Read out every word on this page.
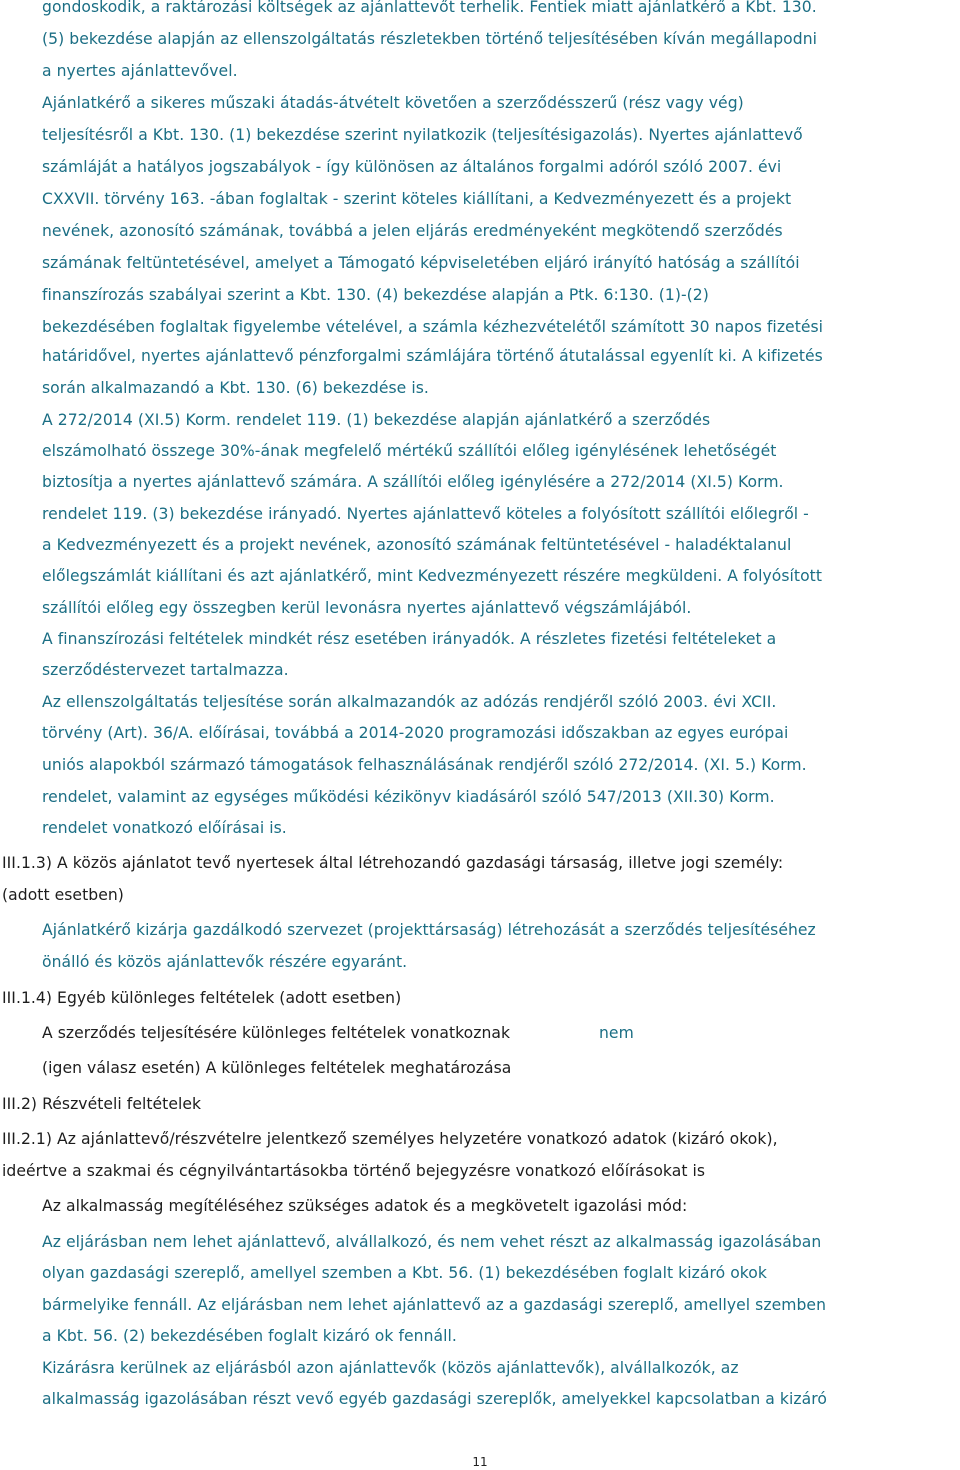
gondoskodik, a raktározási költségek az ajánlattevőt terhelik. Fentiek miatt ajánlatkérő a Kbt. 130.
(5) bekezdése alapján az ellenszolgáltatás részletekben történő teljesítésében kíván megállapodni
a nyertes ajánlattevővel.
Ajánlatkérő a sikeres műszaki átadás-átvételt követően a szerződésszerű (rész vagy vég)
teljesítésről a Kbt. 130. (1) bekezdése szerint nyilatkozik (teljesítésigazolás). Nyertes ajánlattevő
számláját a hatályos jogszabályok - így különösen az általános forgalmi adóról szóló 2007. évi
CXXVII. törvény 163. -ában foglaltak - szerint köteles kiállítani, a Kedvezményezett és a projekt
nevének, azonosító számának, továbbá a jelen eljárás eredményeként megkötendő szerződés
számának feltüntetésével, amelyet a Támogató képviseletében eljáró irányító hatóság a szállítói
finanszírozás szabályai szerint a Kbt. 130. (4) bekezdése alapján a Ptk. 6:130. (1)-(2)
bekezdésében foglaltak figyelembe vételével, a számla kézhezvételétől számított 30 napos fizetési
határidővel, nyertes ajánlattevő pénzforgalmi számlájára történő átutalással egyenlít ki. A kifizetés
során alkalmazandó a Kbt. 130. (6) bekezdése is.
A 272/2014 (XI.5) Korm. rendelet 119. (1) bekezdése alapján ajánlatkérő a szerződés
elszámolható összege 30%-ának megfelelő mértékű szállítói előleg igénylésének lehetőségét
biztosítja a nyertes ajánlattevő számára. A szállítói előleg igénylésére a 272/2014 (XI.5) Korm.
rendelet 119. (3) bekezdése irányadó. Nyertes ajánlattevő köteles a folyósított szállítói előlegről -
a Kedvezményezett és a projekt nevének, azonosító számának feltüntetésével - haladéktalanul
előlegszámlát kiállítani és azt ajánlatkérő, mint Kedvezményezett részére megküldeni. A folyósított
szállítói előleg egy összegben kerül levonásra nyertes ajánlattevő végszámlájából.
A finanszírozási feltételek mindkét rész esetében irányadók. A részletes fizetési feltételeket a
szerződéstervezet tartalmazza.
Az ellenszolgáltatás teljesítése során alkalmazandók az adózás rendjéről szóló 2003. évi XCII.
törvény (Art). 36/A. előírásai, továbbá a 2014-2020 programozási időszakban az egyes európai
uniós alapokból származó támogatások felhasználásának rendjéről szóló 272/2014. (XI. 5.) Korm.
rendelet, valamint az egységes működési kézikönyv kiadásáról szóló 547/2013 (XII.30) Korm.
rendelet vonatkozó előírásai is.
III.1.3) A közös ajánlatot tevő nyertesek által létrehozandó gazdasági társaság, illetve jogi személy:
(adott esetben)
Ajánlatkérő kizárja gazdálkodó szervezet (projekttársaság) létrehozását a szerződés teljesítéséhez
önálló és közös ajánlattevők részére egyaránt.
III.1.4) Egyéb különleges feltételek (adott esetben)
A szerződés teljesítésére különleges feltételek vonatkoznak	nem
(igen válasz esetén) A különleges feltételek meghatározása
III.2) Részvételi feltételek
III.2.1) Az ajánlattevő/részvételre jelentkező személyes helyzetére vonatkozó adatok (kizáró okok),
ideértve a szakmai és cégnyilvántartásokba történő bejegyzésre vonatkozó előírásokat is
Az alkalmasság megítéléséhez szükséges adatok és a megkövetelt igazolási mód:
Az eljárásban nem lehet ajánlattevő, alvállalkozó, és nem vehet részt az alkalmasság igazolásában
olyan gazdasági szereplő, amellyel szemben a Kbt. 56. (1) bekezdésében foglalt kizáró okok
bármelyike fennáll. Az eljárásban nem lehet ajánlattevő az a gazdasági szereplő, amellyel szemben
a Kbt. 56. (2) bekezdésében foglalt kizáró ok fennáll.
Kizárásra kerülnek az eljárásból azon ajánlattevők (közös ajánlattevők), alvállalkozók, az
alkalmasság igazolásában részt vevő egyéb gazdasági szereplők, amelyekkel kapcsolatban a kizáró
11
